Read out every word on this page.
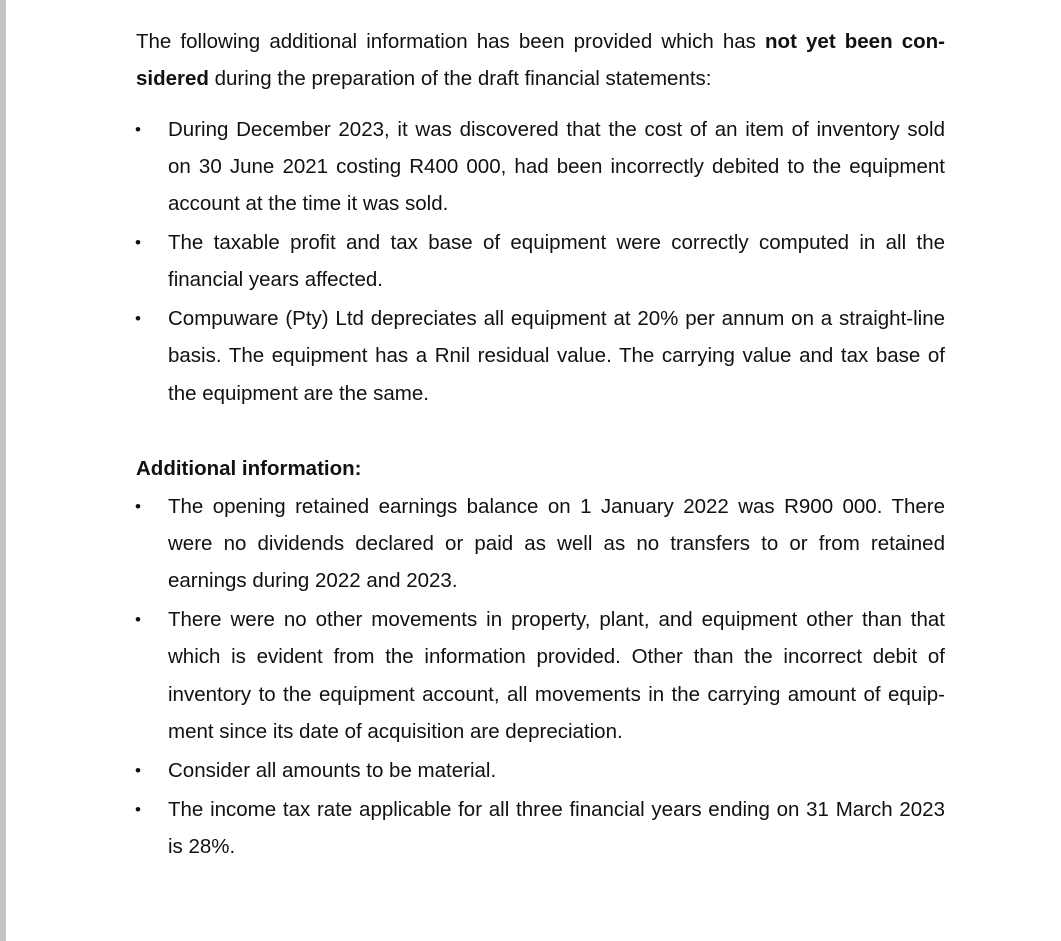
The following additional information has been provided which has not yet been con-sidered during the preparation of the draft financial statements:

• During December 2023, it was discovered that the cost of an item of inventory sold on 30 June 2021 costing R400 000, had been incorrectly debited to the equipment account at the time it was sold.
• The taxable profit and tax base of equipment were correctly computed in all the financial years affected.
• Compuware (Pty) Ltd depreciates all equipment at 20% per annum on a straight-line basis. The equipment has a Rnil residual value. The carrying value and tax base of the equipment are the same.

Additional information:

• The opening retained earnings balance on 1 January 2022 was R900 000. There were no dividends declared or paid as well as no transfers to or from retained earnings during 2022 and 2023.
• There were no other movements in property, plant, and equipment other than that which is evident from the information provided. Other than the incorrect debit of inventory to the equipment account, all movements in the carrying amount of equip-ment since its date of acquisition are depreciation.
• Consider all amounts to be material.
• The income tax rate applicable for all three financial years ending on 31 March 2023 is 28%.
